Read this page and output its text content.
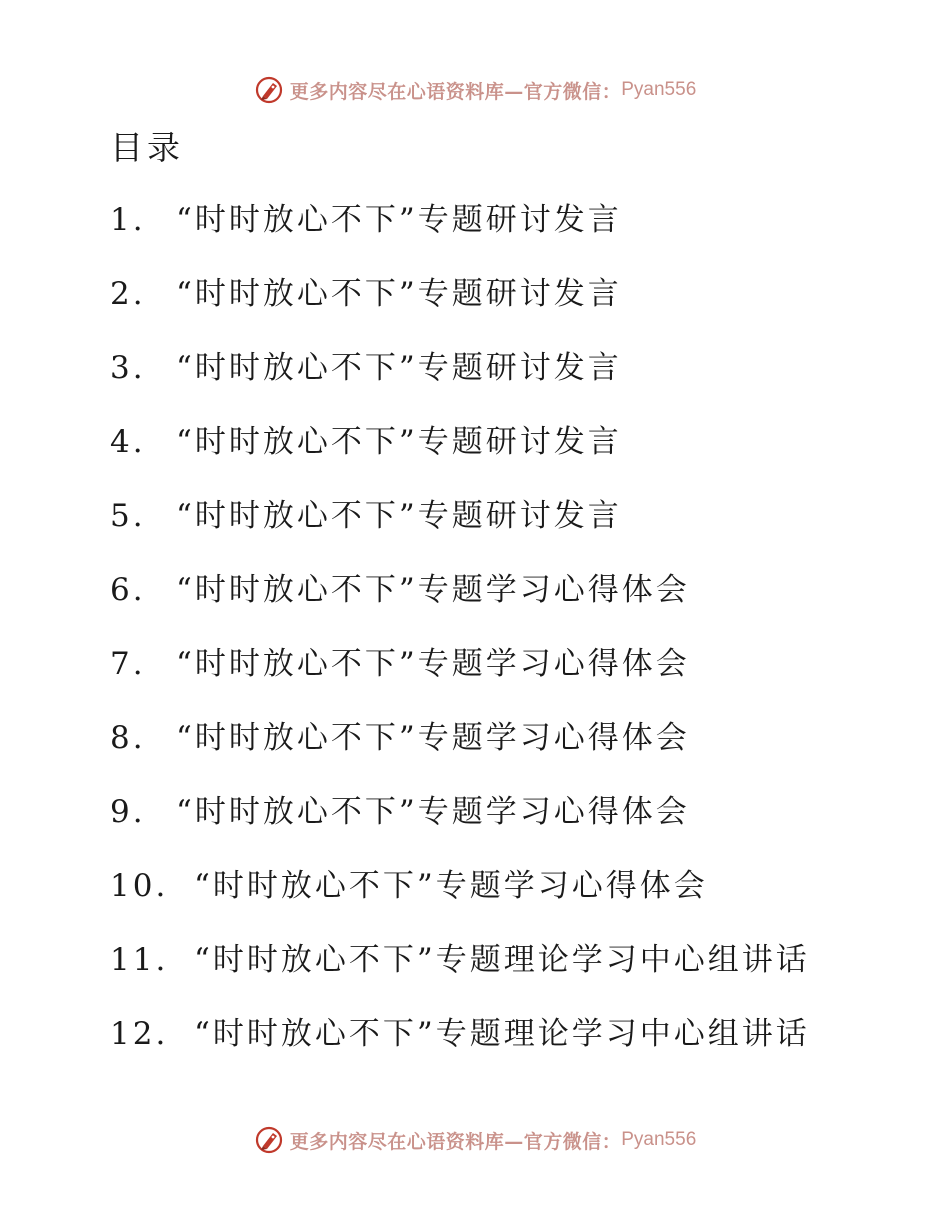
更多内容尽在心语资料库—官方微信： Pyan556
目录
1. “时时放心不下”专题研讨发言
2. “时时放心不下”专题研讨发言
3. “时时放心不下”专题研讨发言
4. “时时放心不下”专题研讨发言
5. “时时放心不下”专题研讨发言
6. “时时放心不下”专题学习心得体会
7. “时时放心不下”专题学习心得体会
8. “时时放心不下”专题学习心得体会
9. “时时放心不下”专题学习心得体会
10. “时时放心不下”专题学习心得体会
11. “时时放心不下”专题理论学习中心组讲话
12. “时时放心不下”专题理论学习中心组讲话
更多内容尽在心语资料库—官方微信： Pyan556
